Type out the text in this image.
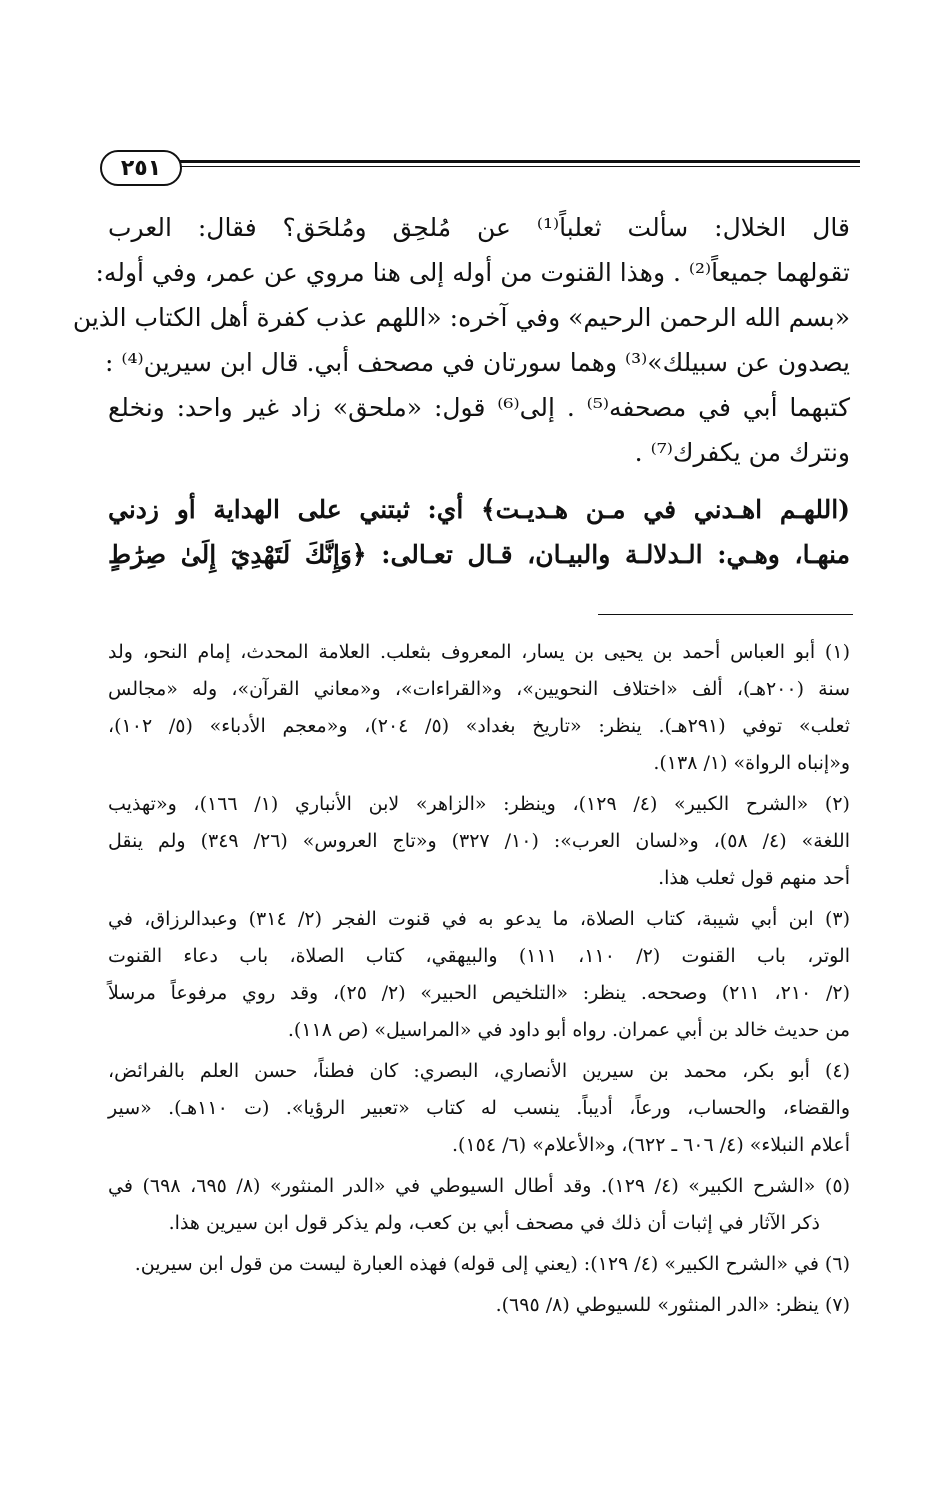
٢٥١
قال الخلال: سألت ثعلباً⁽¹⁾ عن مُلحِق ومُلحَق؟ فقال: العرب
تقولهما جميعاً⁽²⁾ . وهذا القنوت من أوله إلى هنا مروي عن عمر، وفي أوله:
«بسم الله الرحمن الرحيم» وفي آخره: «اللهم عذب كفرة أهل الكتاب الذين
يصدون عن سبيلك»⁽³⁾ وهما سورتان في مصحف أبي. قال ابن سيرين⁽⁴⁾ :
كتبهما أبي في مصحفه⁽⁵⁾ . إلى⁽⁶⁾ قول: «ملحق» زاد غير واحد: ونخلع
ونترك من يكفرك⁽⁷⁾ .
(اللهـم اهـدني في مـن هـديـت﴾ أي: ثبتني على الهداية أو زدني
منهـا، وهـي: الـدلالـة والبيـان، قـال تعـالى: ﴿وَإِنَّكَ لَتَهْدِيٓ إِلَىٰ صِرَٰطٍ
(١) أبو العباس أحمد بن يحيى بن يسار، المعروف بثعلب. العلامة المحدث، إمام النحو، ولد
سنة (٢٠٠هـ)، ألف «اختلاف النحويين»، و«القراءات»، و«معاني القرآن»، وله «مجالس
ثعلب» توفي (٢٩١هـ). ينظر: «تاريخ بغداد» (٥/ ٢٠٤)، و«معجم الأدباء» (٥/ ١٠٢)،
و«إنباه الرواة» (١/ ١٣٨).
(٢) «الشرح الكبير» (٤/ ١٢٩)، وينظر: «الزاهر» لابن الأنباري (١/ ١٦٦)، و«تهذيب
اللغة» (٤/ ٥٨)، و«لسان العرب»: (١٠/ ٣٢٧) و«تاج العروس» (٢٦/ ٣٤٩) ولم ينقل
أحد منهم قول ثعلب هذا.
(٣) ابن أبي شيبة، كتاب الصلاة، ما يدعو به في قنوت الفجر (٢/ ٣١٤) وعبدالرزاق، في
الوتر، باب القنوت (٢/ ١١٠، ١١١) والبيهقي، كتاب الصلاة، باب دعاء القنوت
(٢/ ٢١٠، ٢١١) وصححه. ينظر: «التلخيص الحبير» (٢/ ٢٥)، وقد روي مرفوعاً مرسلاً
من حديث خالد بن أبي عمران. رواه أبو داود في «المراسيل» (ص ١١٨).
(٤) أبو بكر، محمد بن سيرين الأنصاري، البصري: كان فطناً، حسن العلم بالفرائض،
والقضاء، والحساب، ورعاً، أديباً. ينسب له كتاب «تعبير الرؤيا». (ت ١١٠هـ). «سير
أعلام النبلاء» (٤/ ٦٠٦ ـ ٦٢٢)، و«الأعلام» (٦/ ١٥٤).
(٥) «الشرح الكبير» (٤/ ١٢٩). وقد أطال السيوطي في «الدر المنثور» (٨/ ٦٩٥، ٦٩٨) في
ذكر الآثار في إثبات أن ذلك في مصحف أبي بن كعب، ولم يذكر قول ابن سيرين هذا.
(٦) في «الشرح الكبير» (٤/ ١٢٩): (يعني إلى قوله) فهذه العبارة ليست من قول ابن سيرين.
(٧) ينظر: «الدر المنثور» للسيوطي (٨/ ٦٩٥).
